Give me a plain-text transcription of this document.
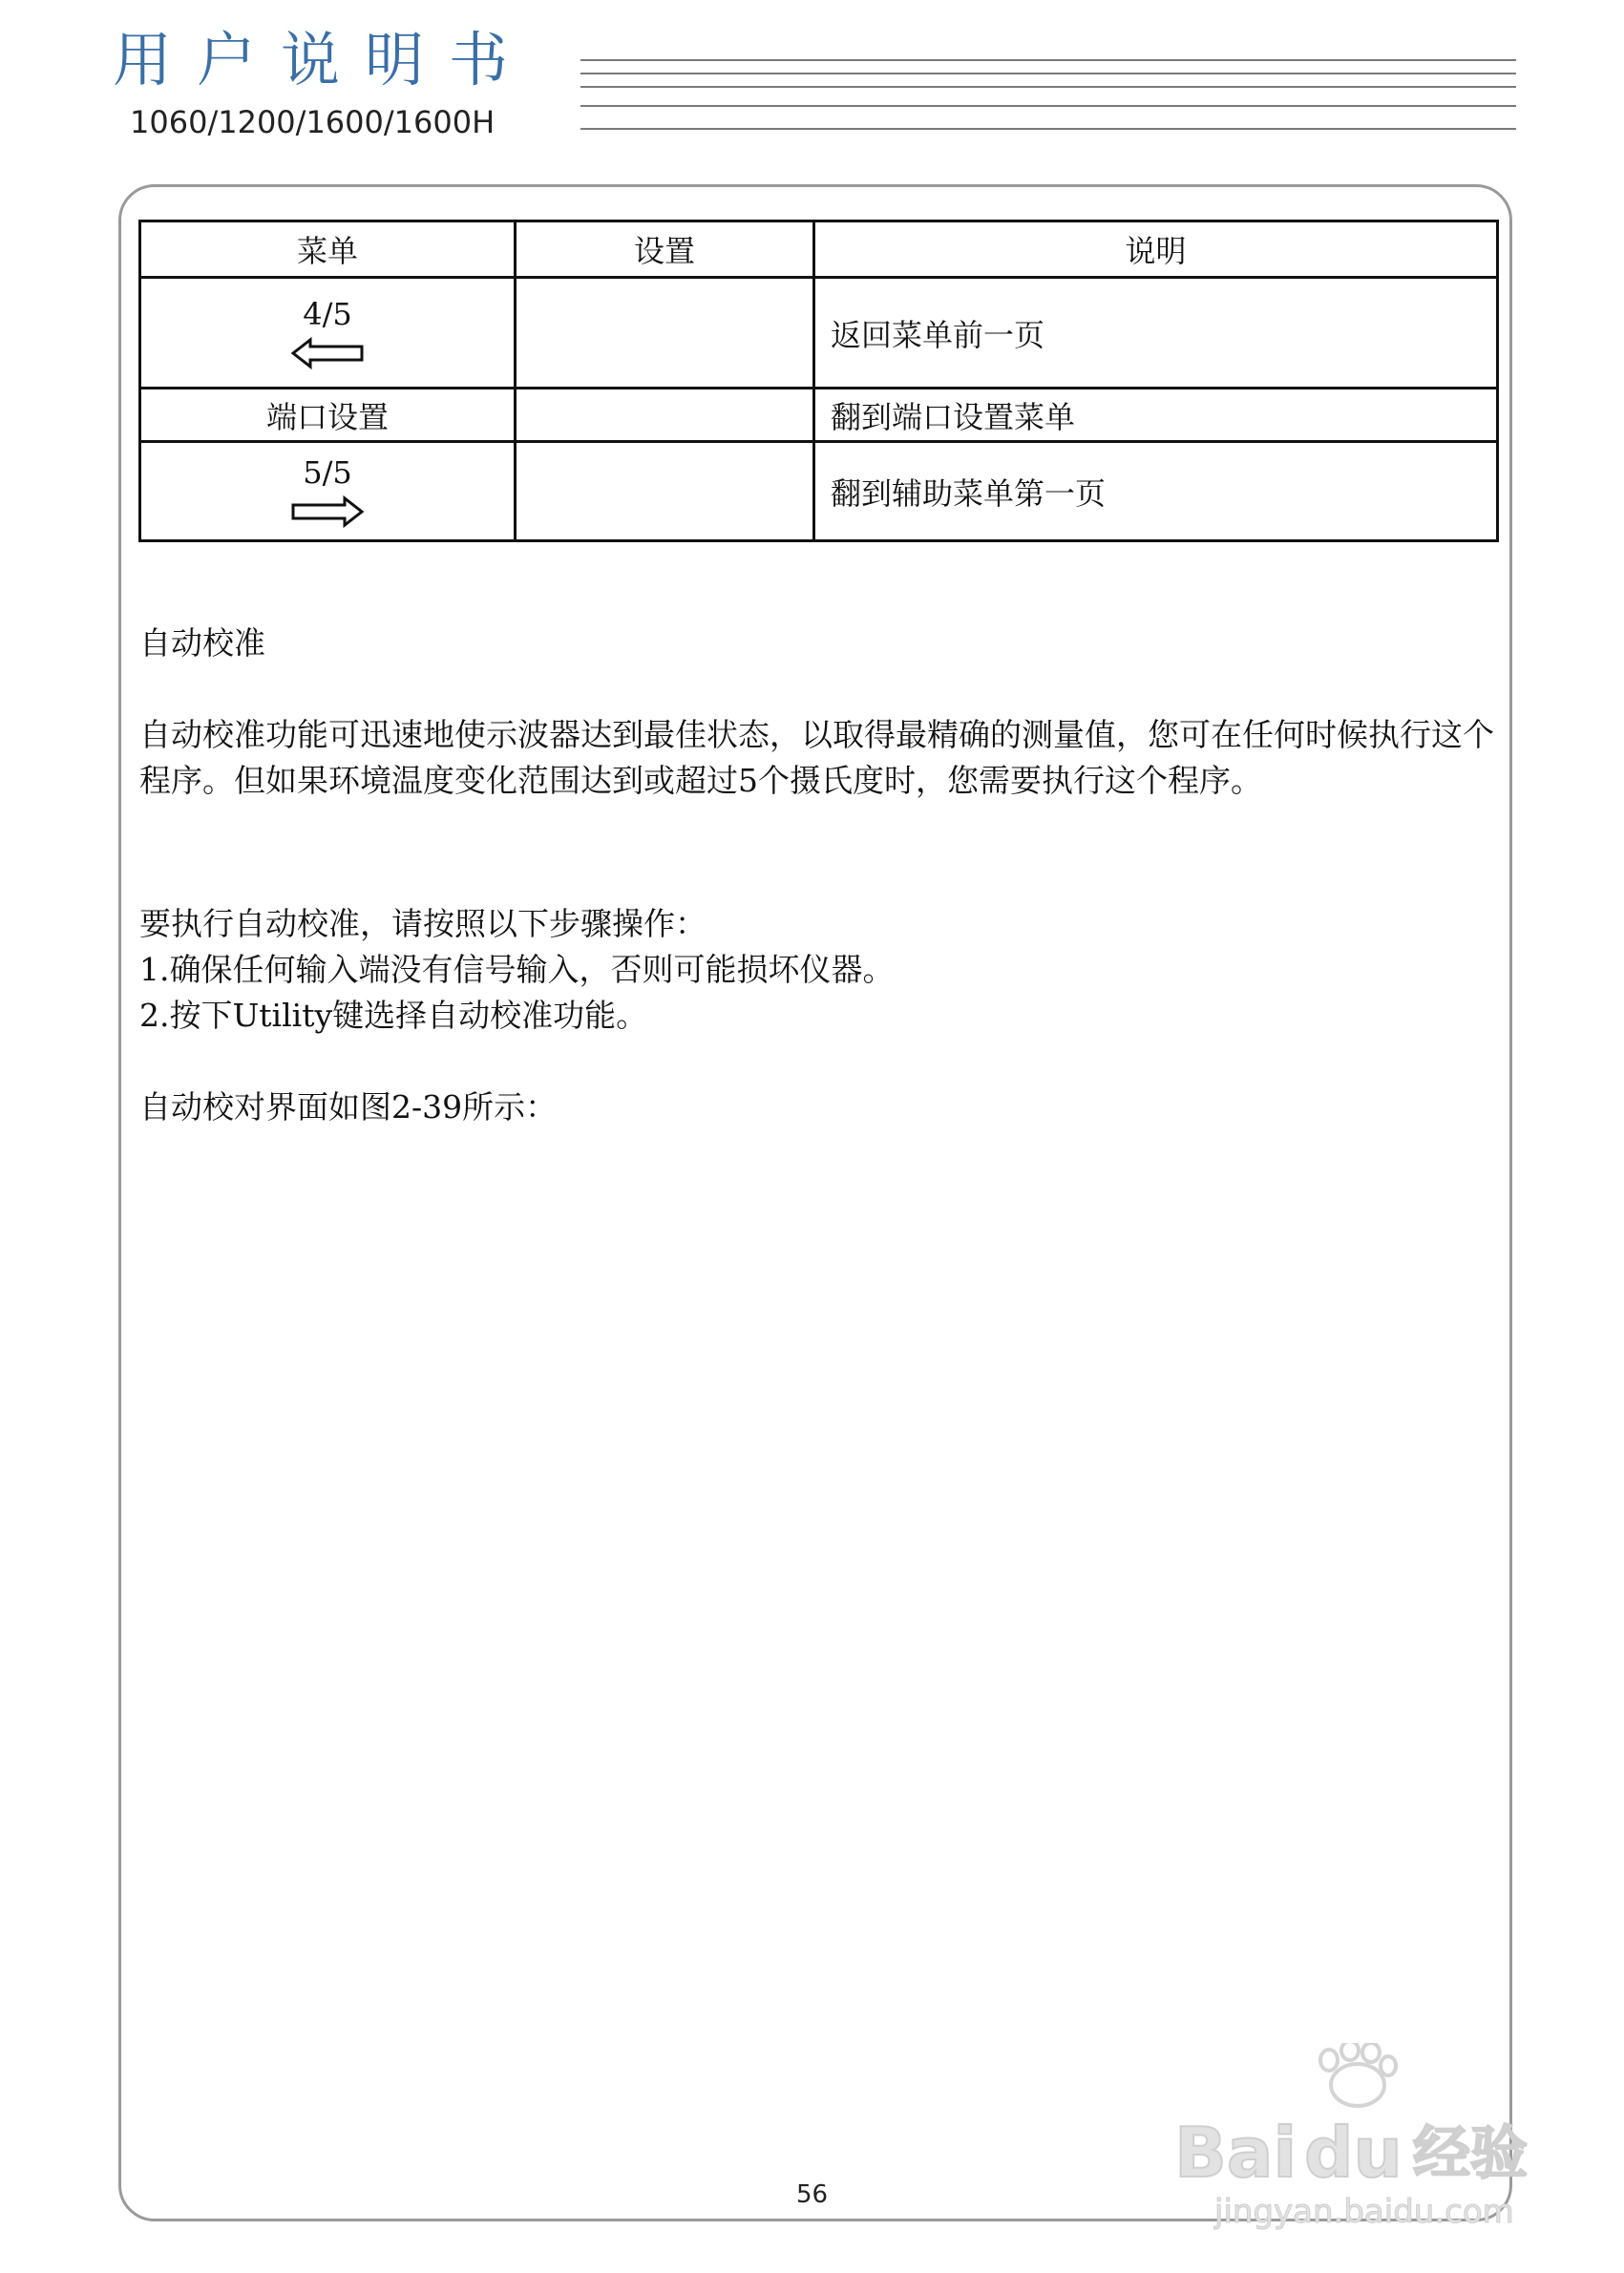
用户说明书
1060/1200/1600/1600H
菜单	设置	说明

4/5		返回菜单前一页
端口设置		翻到端口设置菜单

5/5		翻到辅助菜单第一页
自动校准

自动校准功能可迅速地使示波器达到最佳状态，以取得最精确的测量值，您可在任何时候执行这个程序。但如果环境温度变化范围达到或超过5个摄氏度时，您需要执行这个程序。

要执行自动校准，请按照以下步骤操作：

1.确保任何输入端没有信号输入，否则可能损坏仪器。

2.按下Utility键选择自动校准功能。

自动校对界面如图2-39所示：
56
Bai du 经验
jingyan.baidu.com
